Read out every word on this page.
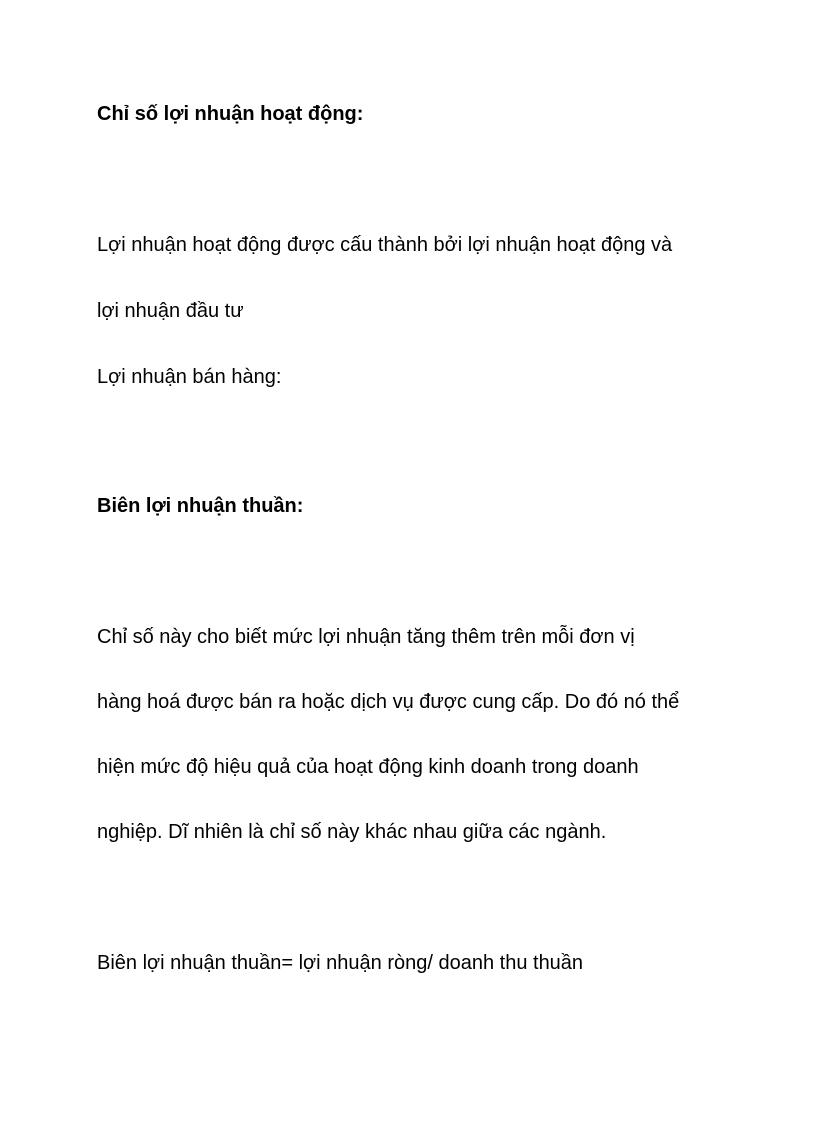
Chỉ số lợi nhuận hoạt động:

Lợi nhuận hoạt động được cấu thành bởi lợi nhuận hoạt động và

lợi nhuận đầu tư

Lợi nhuận bán hàng:

Biên lợi nhuận thuần:

Chỉ số này cho biết mức lợi nhuận tăng thêm trên mỗi đơn vị

hàng hoá được bán ra hoặc dịch vụ được cung cấp. Do đó nó thể

hiện mức độ hiệu quả của hoạt động kinh doanh trong doanh

nghiệp. Dĩ nhiên là chỉ số này khác nhau giữa các ngành.

Biên lợi nhuận thuần= lợi nhuận ròng/ doanh thu thuần
